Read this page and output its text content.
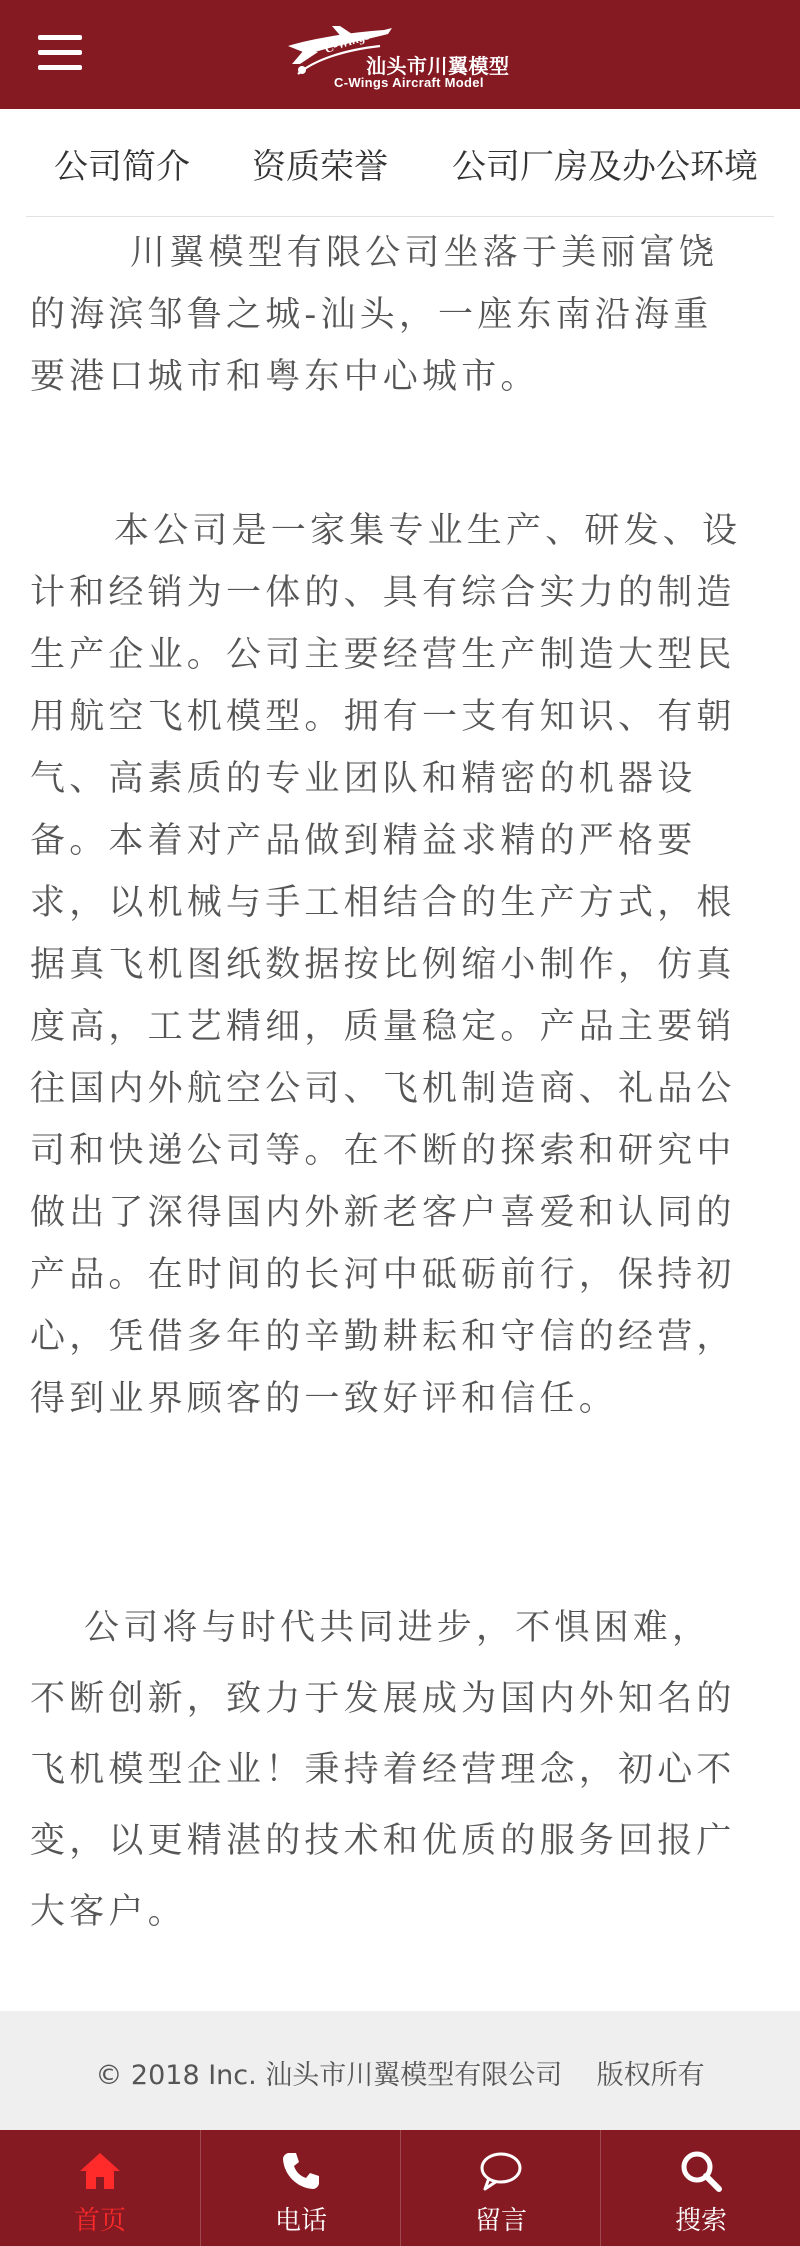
C-Wings
汕头市川翼模型
C-Wings Aircraft Model
公司简介 资质荣誉 公司厂房及办公环境

川翼模型有限公司坐落于美丽富饶的海滨邹鲁之城-汕头，一座东南沿海重要港口城市和粤东中心城市。

本公司是一家集专业生产、研发、设计和经销为一体的、具有综合实力的制造生产企业。公司主要经营生产制造大型民用航空飞机模型。拥有一支有知识、有朝气、高素质的专业团队和精密的机器设备。本着对产品做到精益求精的严格要求，以机械与手工相结合的生产方式，根据真飞机图纸数据按比例缩小制作，仿真度高，工艺精细，质量稳定。产品主要销往国内外航空公司、飞机制造商、礼品公司和快递公司等。在不断的探索和研究中做出了深得国内外新老客户喜爱和认同的产品。在时间的长河中砥砺前行，保持初心，凭借多年的辛勤耕耘和守信的经营，得到业界顾客的一致好评和信任。

公司将与时代共同进步，不惧困难，不断创新，致力于发展成为国内外知名的飞机模型企业！秉持着经营理念，初心不变，以更精湛的技术和优质的服务回报广大客户。

© 2018 Inc. 汕头市川翼模型有限公司    版权所有
首页	电话	留言	搜索
